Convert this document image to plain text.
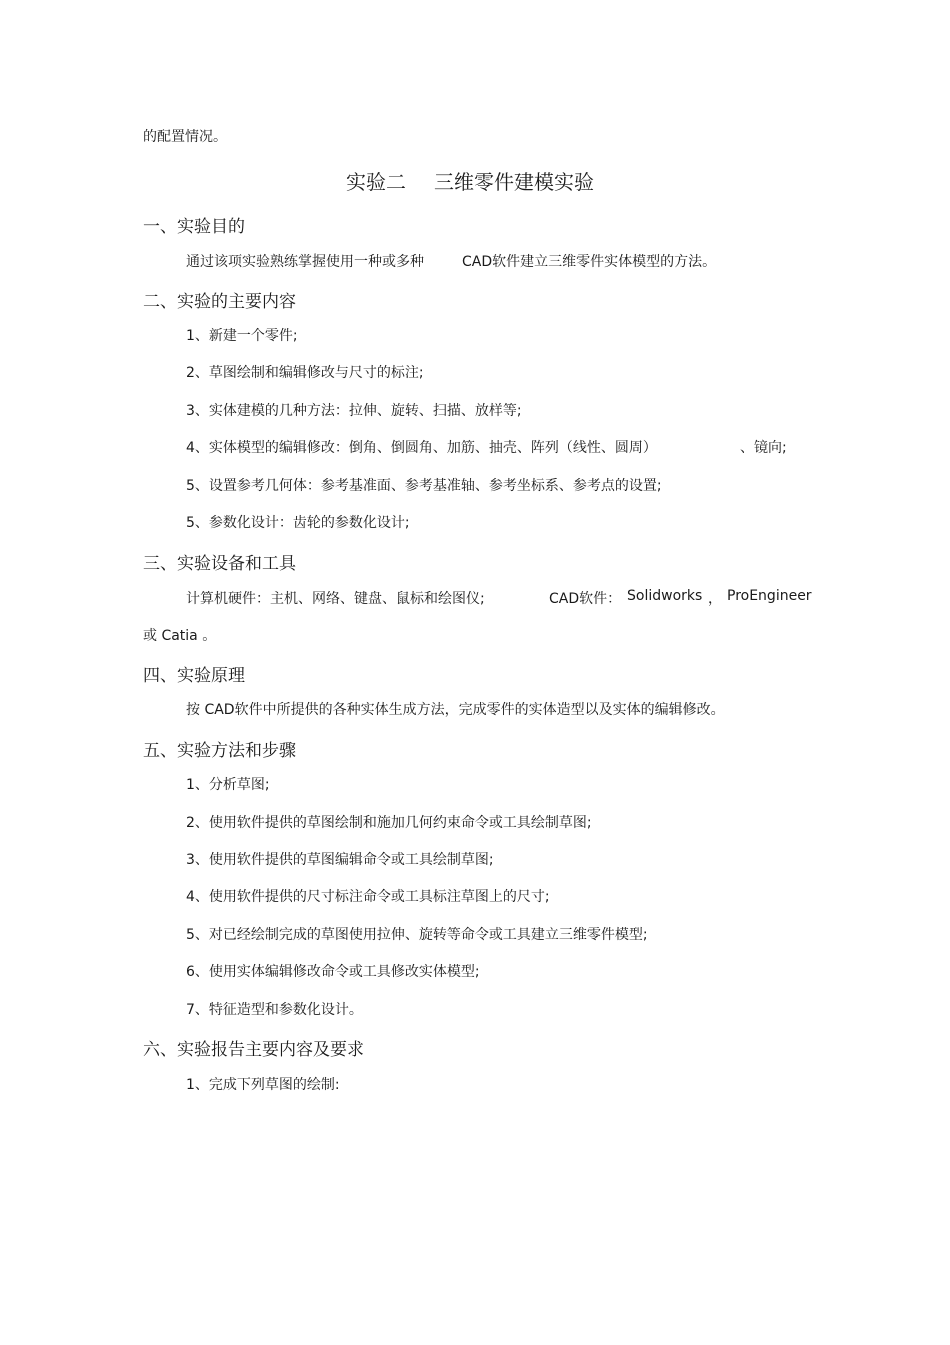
的配置情况。
实验二 三维零件建模实验
一、实验目的
通过该项实验熟练掌握使用一种或多种	CAD软件建立三维零件实体模型的方法。
二、实验的主要内容
1、新建一个零件;
2、草图绘制和编辑修改与尺寸的标注;
3、实体建模的几种方法：拉伸、旋转、扫描、放样等;
4、实体模型的编辑修改：倒角、倒圆角、加筋、抽壳、阵列（线性、圆周）	、镜向;
5、设置参考几何体：参考基准面、参考基准轴、参考坐标系、参考点的设置;
5、参数化设计：齿轮的参数化设计;
三、实验设备和工具
计算机硬件：主机、网络、键盘、鼠标和绘图仪;	CAD软件： Solidworks ， ProEngineer
或 Catia 。
四、实验原理
按 CAD软件中所提供的各种实体生成方法，完成零件的实体造型以及实体的编辑修改。
五、实验方法和步骤
1、分析草图;
2、使用软件提供的草图绘制和施加几何约束命令或工具绘制草图;
3、使用软件提供的草图编辑命令或工具绘制草图;
4、使用软件提供的尺寸标注命令或工具标注草图上的尺寸;
5、对已经绘制完成的草图使用拉伸、旋转等命令或工具建立三维零件模型;
6、使用实体编辑修改命令或工具修改实体模型;
7、特征造型和参数化设计。
六、实验报告主要内容及要求
1、完成下列草图的绘制:
